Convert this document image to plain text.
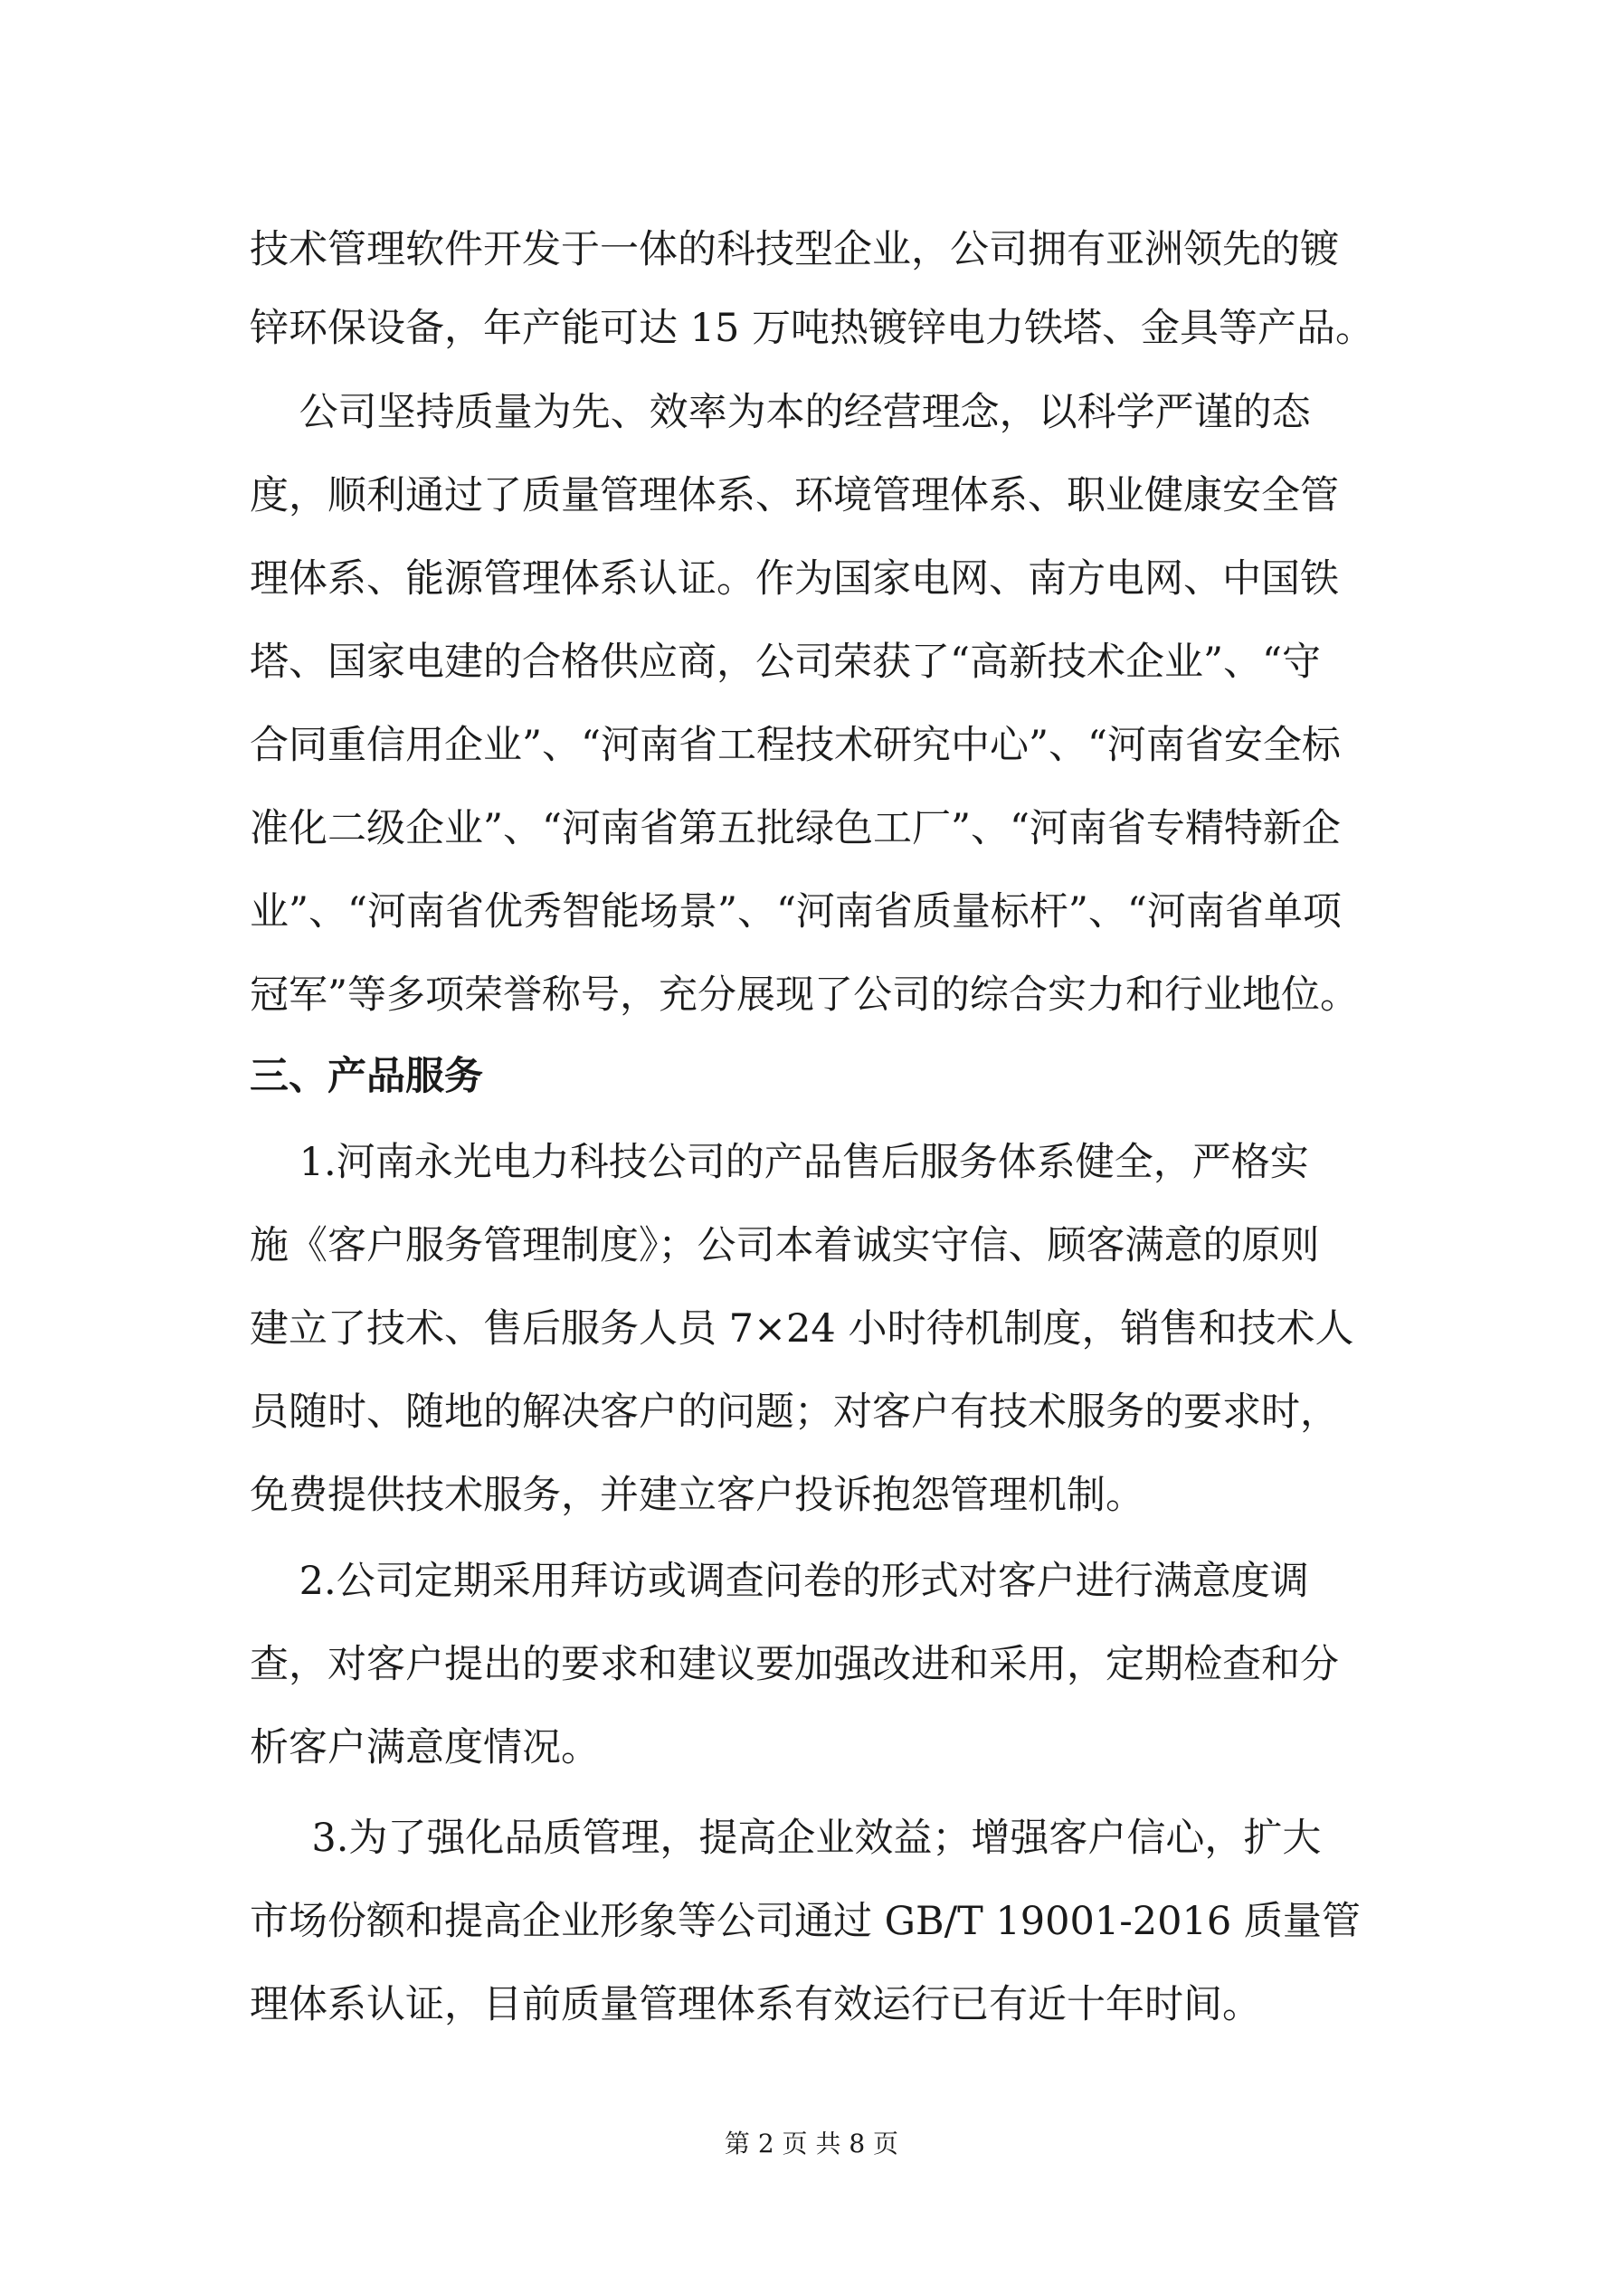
技术管理软件开发于一体的科技型企业，公司拥有亚洲领先的镀
锌环保设备，年产能可达 15 万吨热镀锌电力铁塔、金具等产品。
公司坚持质量为先、效率为本的经营理念，以科学严谨的态
度，顺利通过了质量管理体系、环境管理体系、职业健康安全管
理体系、能源管理体系认证。作为国家电网、南方电网、中国铁
塔、国家电建的合格供应商，公司荣获了“高新技术企业”、“守
合同重信用企业”、“河南省工程技术研究中心”、“河南省安全标
准化二级企业”、“河南省第五批绿色工厂”、“河南省专精特新企
业”、“河南省优秀智能场景”、“河南省质量标杆”、“河南省单项
冠军”等多项荣誉称号，充分展现了公司的综合实力和行业地位。
三、产品服务
1.河南永光电力科技公司的产品售后服务体系健全，严格实
施《客户服务管理制度》；公司本着诚实守信、顾客满意的原则
建立了技术、售后服务人员 7×24 小时待机制度，销售和技术人
员随时、随地的解决客户的问题；对客户有技术服务的要求时，
免费提供技术服务，并建立客户投诉抱怨管理机制。
2.公司定期采用拜访或调查问卷的形式对客户进行满意度调
查，对客户提出的要求和建议要加强改进和采用，定期检查和分
析客户满意度情况。
3.为了强化品质管理，提高企业效益；增强客户信心，扩大
市场份额和提高企业形象等公司通过 GB/T 19001-2016 质量管
理体系认证，目前质量管理体系有效运行已有近十年时间。
第 2 页 共 8 页
